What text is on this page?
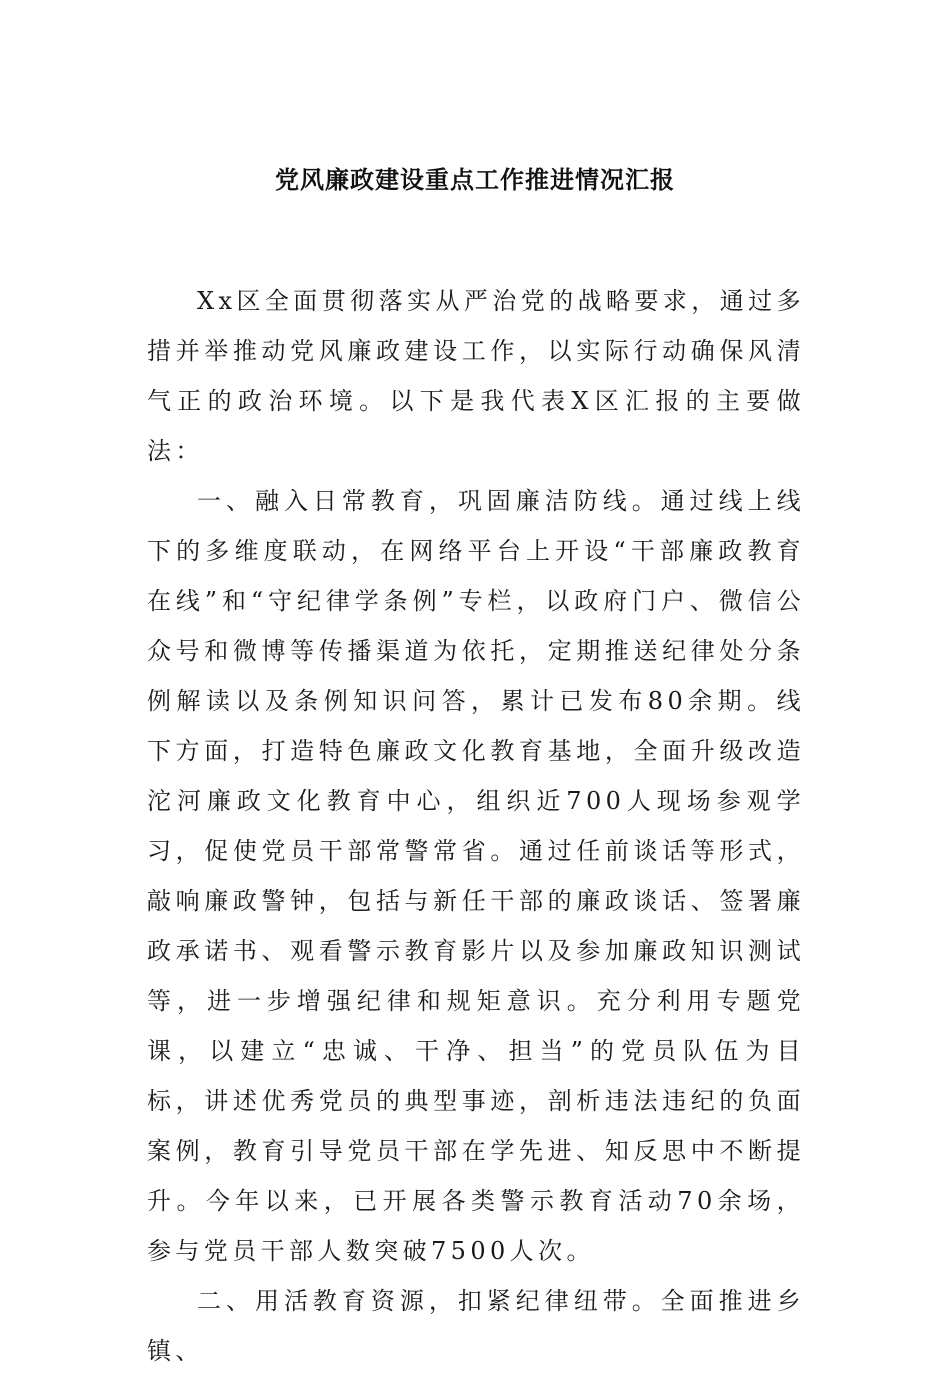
党风廉政建设重点工作推进情况汇报

Xx区全面贯彻落实从严治党的战略要求，通过多措并举推动党风廉政建设工作，以实际行动确保风清气正的政治环境。以下是我代表X区汇报的主要做法：

一、融入日常教育，巩固廉洁防线。通过线上线下的多维度联动，在网络平台上开设“干部廉政教育在线”和“守纪律学条例”专栏，以政府门户、微信公众号和微博等传播渠道为依托，定期推送纪律处分条例解读以及条例知识问答，累计已发布80余期。线下方面，打造特色廉政文化教育基地，全面升级改造沱河廉政文化教育中心，组织近700人现场参观学习，促使党员干部常警常省。通过任前谈话等形式，敲响廉政警钟，包括与新任干部的廉政谈话、签署廉政承诺书、观看警示教育影片以及参加廉政知识测试等，进一步增强纪律和规矩意识。充分利用专题党课，以建立“忠诚、干净、担当”的党员队伍为目标，讲述优秀党员的典型事迹，剖析违法违纪的负面案例，教育引导党员干部在学先进、知反思中不断提升。今年以来，已开展各类警示教育活动70余场，参与党员干部人数突破7500人次。

二、用活教育资源，扣紧纪律纽带。全面推进乡镇、
